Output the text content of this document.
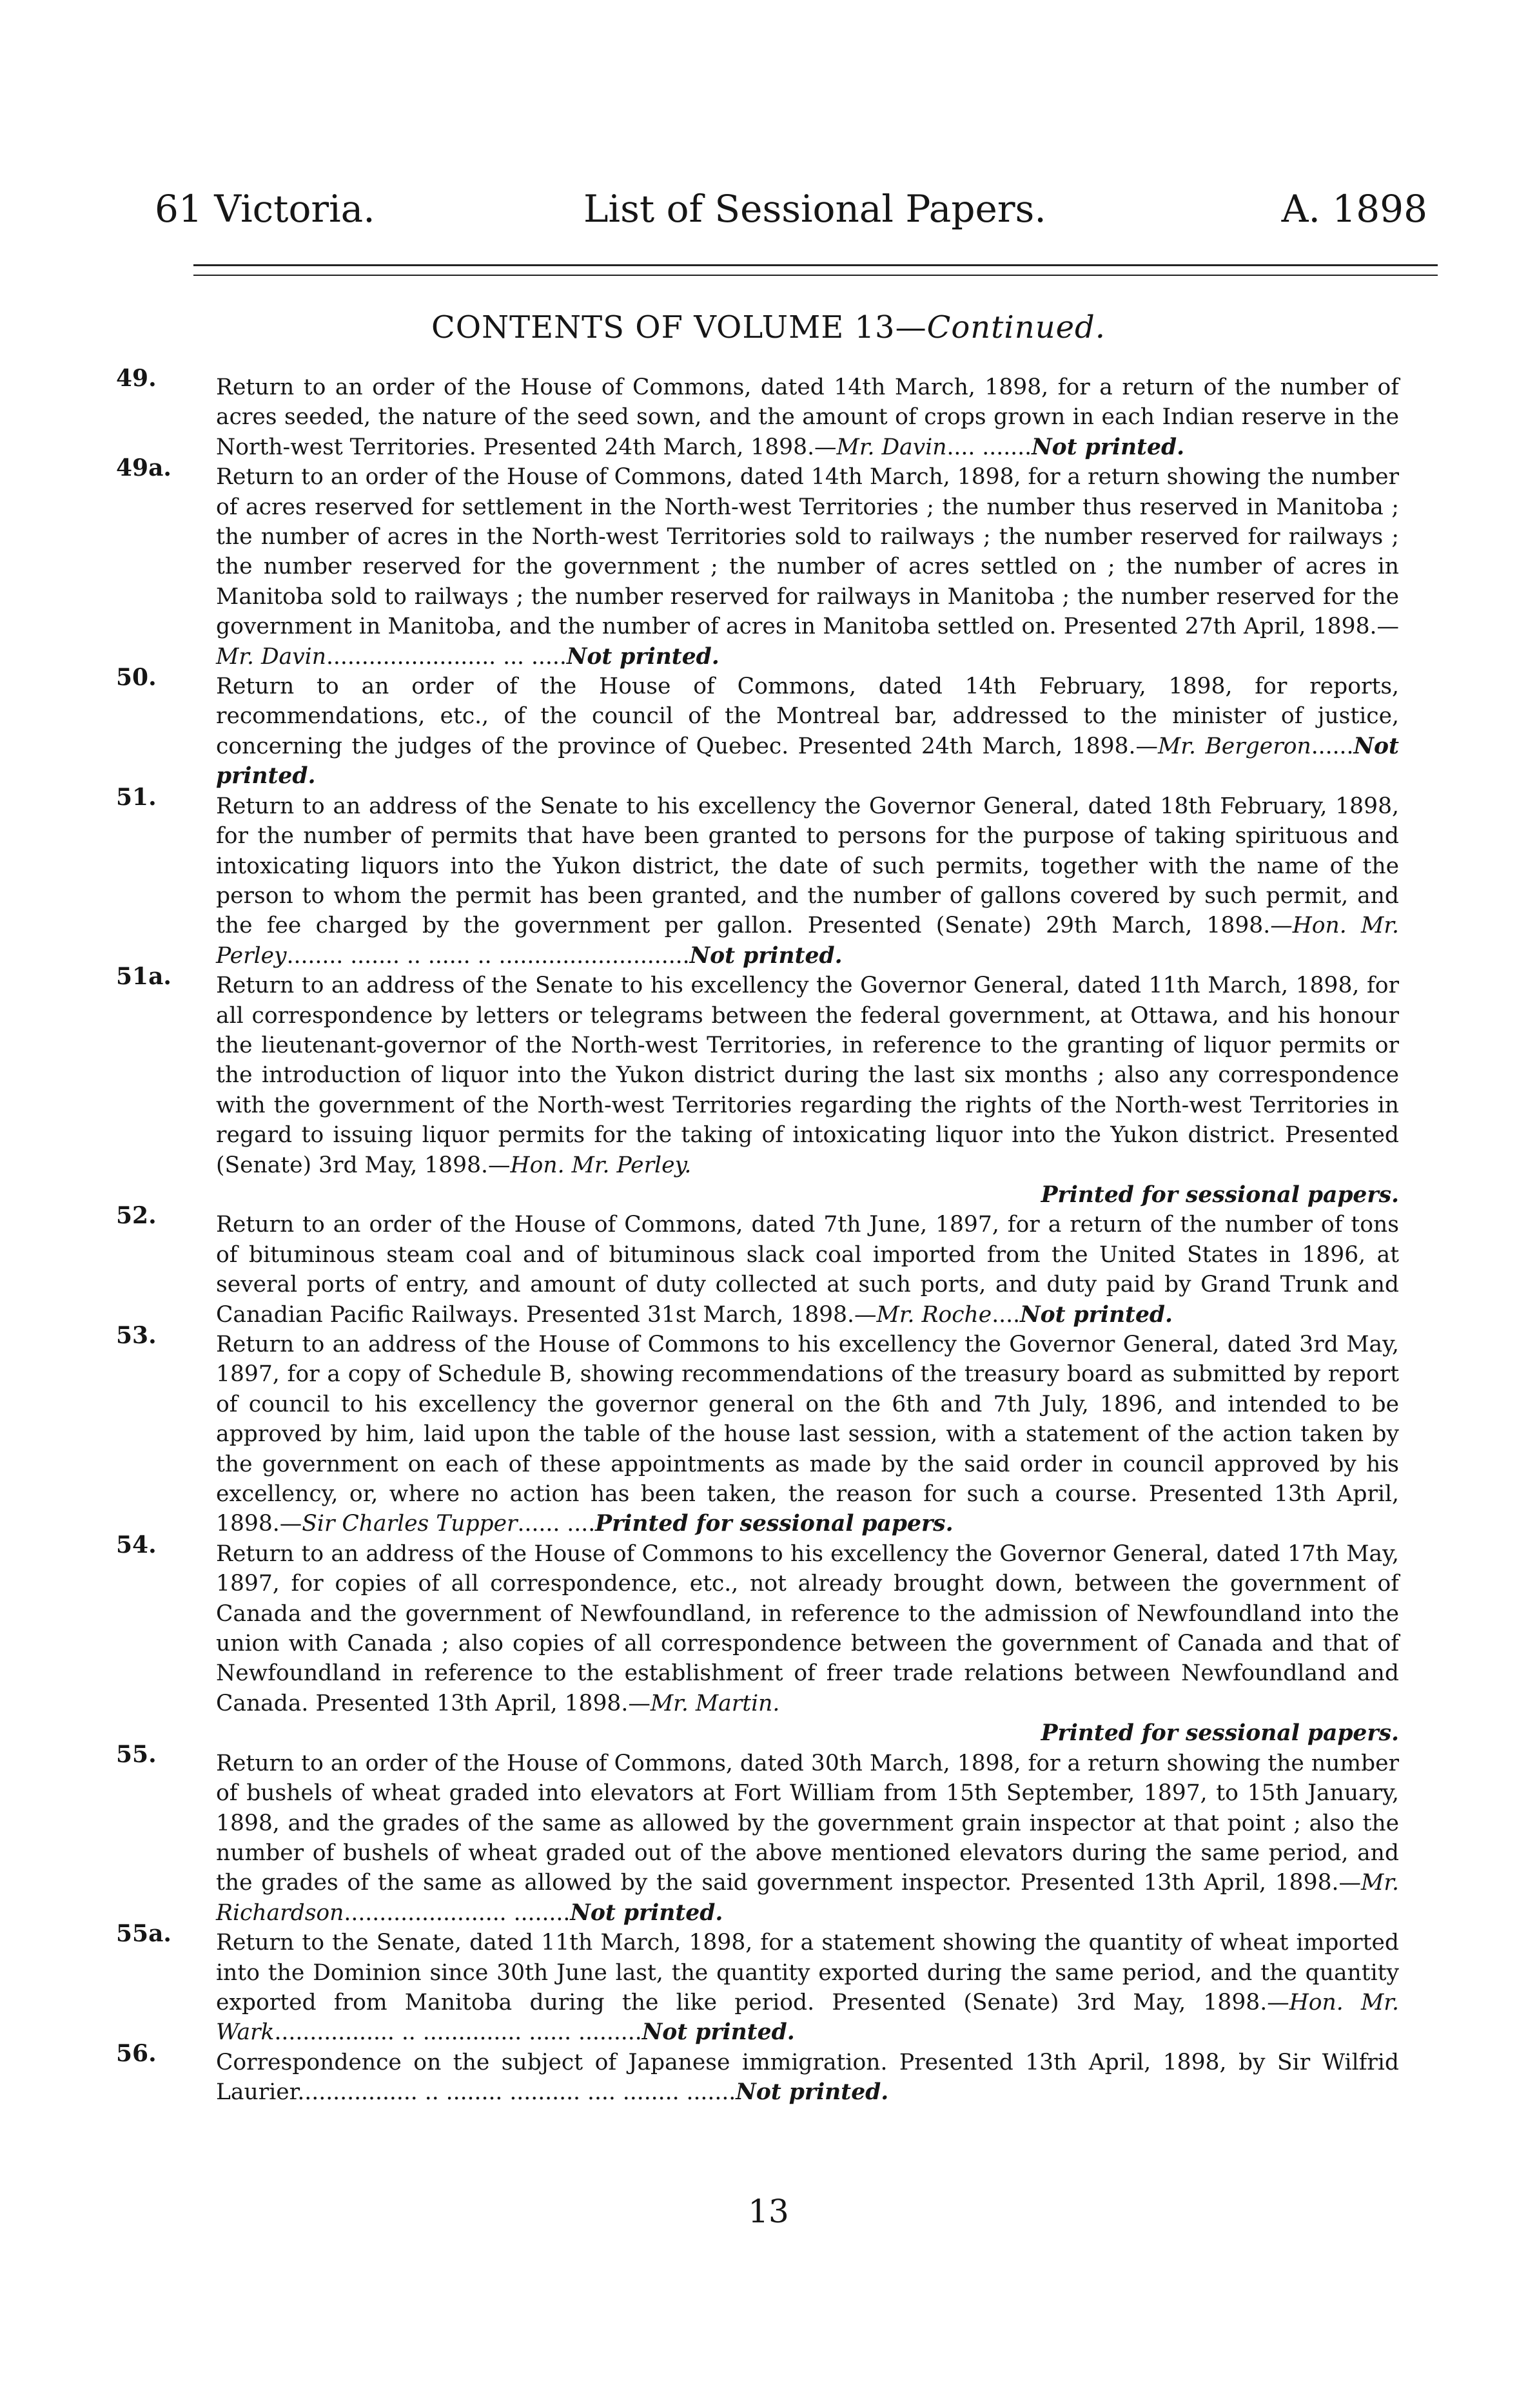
61 Victoria.	List of Sessional Papers.	A. 1898
CONTENTS OF VOLUME 13—Continued.
49.	Return to an order of the House of Commons, dated 14th March, 1898, for a return of the number of acres seeded, the nature of the seed sown, and the amount of crops grown in each Indian reserve in the North-west Territories. Presented 24th March, 1898.—Mr. Davin.... .......Not printed.
49a. Return to an order of the House of Commons, dated 14th March, 1898, for a return showing the number of acres reserved for settlement in the North-west Territories ; the number thus reserved in Manitoba ; the number of acres in the North-west Territories sold to railways ; the number reserved for railways ; the number reserved for the government ; the number of acres settled on ; the number of acres in Manitoba sold to railways ; the number reserved for railways in Manitoba ; the number reserved for the government in Manitoba, and the number of acres in Manitoba settled on. Presented 27th April, 1898.—Mr. Davin........................ ... .....Not printed.
50.	Return to an order of the House of Commons, dated 14th February, 1898, for reports, recommendations, etc., of the council of the Montreal bar, addressed to the minister of justice, concerning the judges of the province of Quebec. Presented 24th March, 1898.—Mr. Bergeron......Not printed.
51.	Return to an address of the Senate to his excellency the Governor General, dated 18th February, 1898, for the number of permits that have been granted to persons for the purpose of taking spirituous and intoxicating liquors into the Yukon district, the date of such permits, together with the name of the person to whom the permit has been granted, and the number of gallons covered by such permit, and the fee charged by the government per gallon. Presented (Senate) 29th March, 1898.—Hon. Mr. Perley........ ....... .. ...... .. ...........................Not printed.
51a. Return to an address of the Senate to his excellency the Governor General, dated 11th March, 1898, for all correspondence by letters or telegrams between the federal government, at Ottawa, and his honour the lieutenant-governor of the North-west Territories, in reference to the granting of liquor permits or the introduction of liquor into the Yukon district during the last six months ; also any correspondence with the government of the North-west Territories regarding the rights of the North-west Territories in regard to issuing liquor permits for the taking of intoxicating liquor into the Yukon district. Presented (Senate) 3rd May, 1898.—Hon. Mr. Perley.
Printed for sessional papers.
52.	Return to an order of the House of Commons, dated 7th June, 1897, for a return of the number of tons of bituminous steam coal and of bituminous slack coal imported from the United States in 1896, at several ports of entry, and amount of duty collected at such ports, and duty paid by Grand Trunk and Canadian Pacific Railways. Presented 31st March, 1898.—Mr. Roche....Not printed.
53.	Return to an address of the House of Commons to his excellency the Governor General, dated 3rd May, 1897, for a copy of Schedule B, showing recommendations of the treasury board as submitted by report of council to his excellency the governor general on the 6th and 7th July, 1896, and intended to be approved by him, laid upon the table of the house last session, with a statement of the action taken by the government on each of these appointments as made by the said order in council approved by his excellency, or, where no action has been taken, the reason for such a course. Presented 13th April, 1898.—Sir Charles Tupper...... ....Printed for sessional papers.
54.	Return to an address of the House of Commons to his excellency the Governor General, dated 17th May, 1897, for copies of all correspondence, etc., not already brought down, between the government of Canada and the government of Newfoundland, in reference to the admission of Newfoundland into the union with Canada ; also copies of all correspondence between the government of Canada and that of Newfoundland in reference to the establishment of freer trade relations between Newfoundland and Canada. Presented 13th April, 1898.—Mr. Martin.
Printed for sessional papers.
55.	Return to an order of the House of Commons, dated 30th March, 1898, for a return showing the number of bushels of wheat graded into elevators at Fort William from 15th September, 1897, to 15th January, 1898, and the grades of the same as allowed by the government grain inspector at that point ; also the number of bushels of wheat graded out of the above mentioned elevators during the same period, and the grades of the same as allowed by the said government inspector. Presented 13th April, 1898.—Mr. Richardson....................... ........Not printed.
55a. Return to the Senate, dated 11th March, 1898, for a statement showing the quantity of wheat imported into the Dominion since 30th June last, the quantity exported during the same period, and the quantity exported from Manitoba during the like period. Presented (Senate) 3rd May, 1898.—Hon. Mr. Wark................. .. .............. ...... .........Not printed.
56.	Correspondence on the subject of Japanese immigration. Presented 13th April, 1898, by Sir Wilfrid Laurier................. .. ........ .......... .... ........ .......Not printed.
13
